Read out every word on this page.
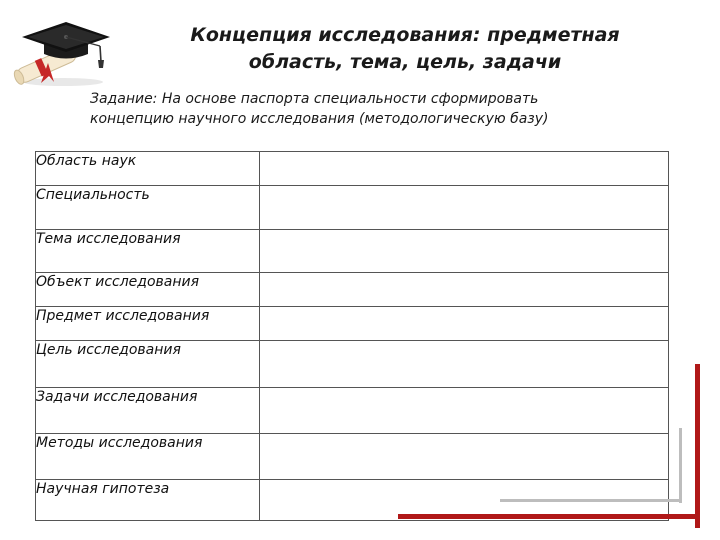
Концепция исследования: предметная
область, тема, цель, задачи
Задание: На основе паспорта специальности сформировать
концепцию научного исследования (методологическую базу)
Область наук	
Специальность	
Тема исследования	
Объект исследования	
Предмет исследования	
Цель исследования	
Задачи исследования	
Методы исследования	
Научная гипотеза	
